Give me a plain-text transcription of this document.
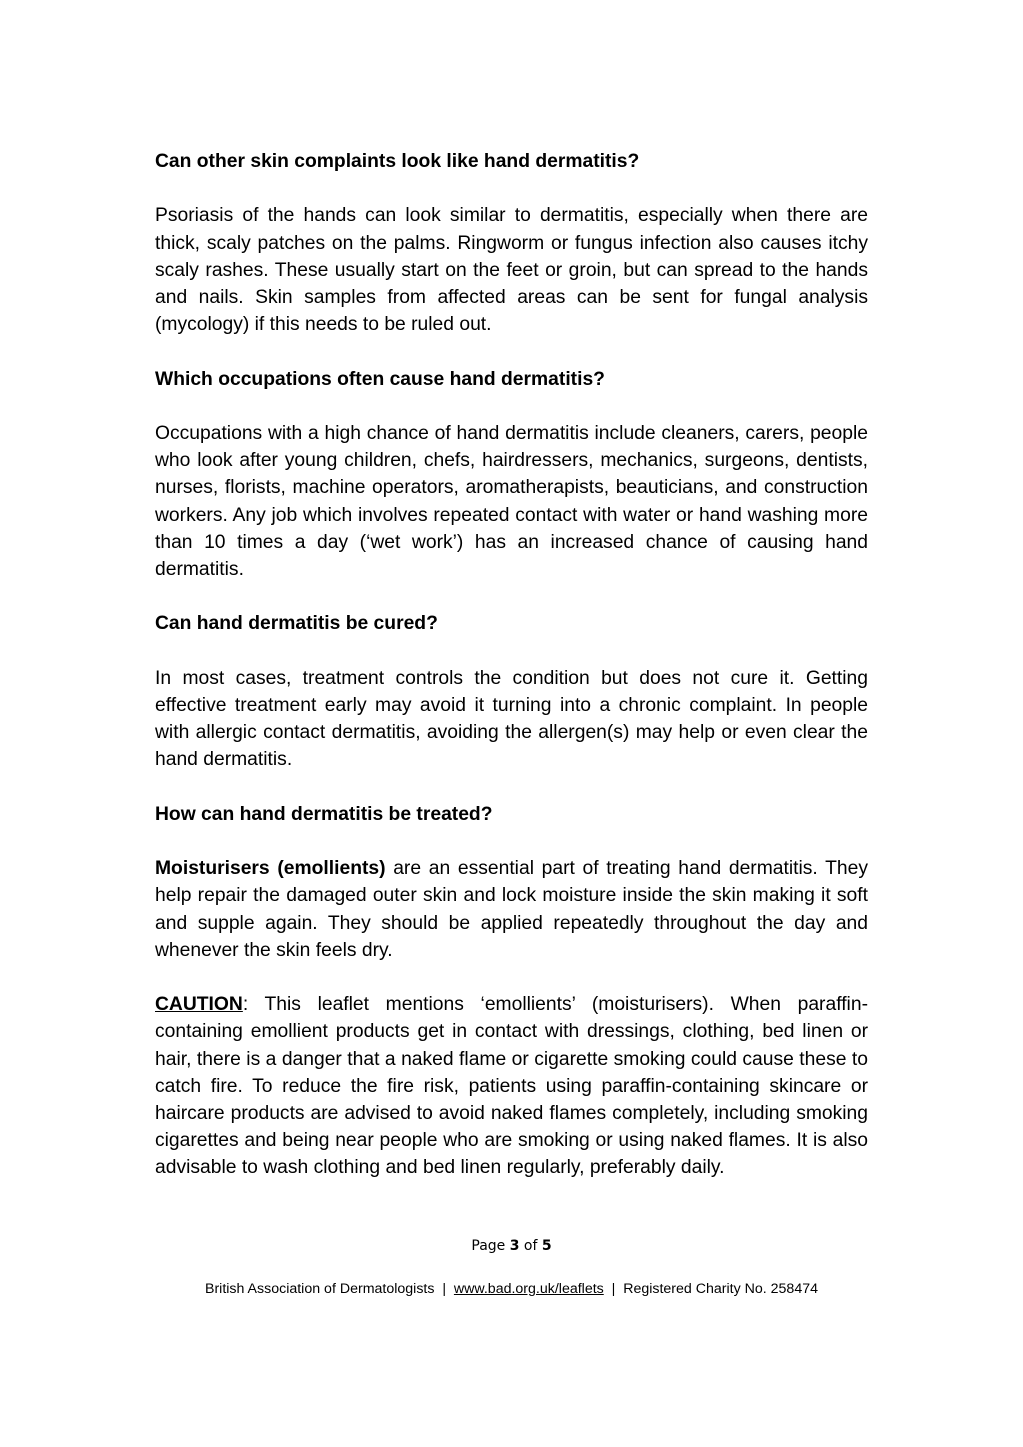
Can other skin complaints look like hand dermatitis?

Psoriasis of the hands can look similar to dermatitis, especially when there are thick, scaly patches on the palms. Ringworm or fungus infection also causes itchy scaly rashes. These usually start on the feet or groin, but can spread to the hands and nails. Skin samples from affected areas can be sent for fungal analysis (mycology) if this needs to be ruled out.

Which occupations often cause hand dermatitis?

Occupations with a high chance of hand dermatitis include cleaners, carers, people who look after young children, chefs, hairdressers, mechanics, surgeons, dentists, nurses, florists, machine operators, aromatherapists, beauticians, and construction workers. Any job which involves repeated contact with water or hand washing more than 10 times a day (‘wet work’) has an increased chance of causing hand dermatitis.

Can hand dermatitis be cured?

In most cases, treatment controls the condition but does not cure it. Getting effective treatment early may avoid it turning into a chronic complaint. In people with allergic contact dermatitis, avoiding the allergen(s) may help or even clear the hand dermatitis.

How can hand dermatitis be treated?

Moisturisers (emollients) are an essential part of treating hand dermatitis. They help repair the damaged outer skin and lock moisture inside the skin making it soft and supple again. They should be applied repeatedly throughout the day and whenever the skin feels dry.

CAUTION: This leaflet mentions ‘emollients’ (moisturisers). When paraffin-containing emollient products get in contact with dressings, clothing, bed linen or hair, there is a danger that a naked flame or cigarette smoking could cause these to catch fire. To reduce the fire risk, patients using paraffin-containing skincare or haircare products are advised to avoid naked flames completely, including smoking cigarettes and being near people who are smoking or using naked flames. It is also advisable to wash clothing and bed linen regularly, preferably daily.

Page 3 of 5
British Association of Dermatologists  |  www.bad.org.uk/leaflets  |  Registered Charity No. 258474
